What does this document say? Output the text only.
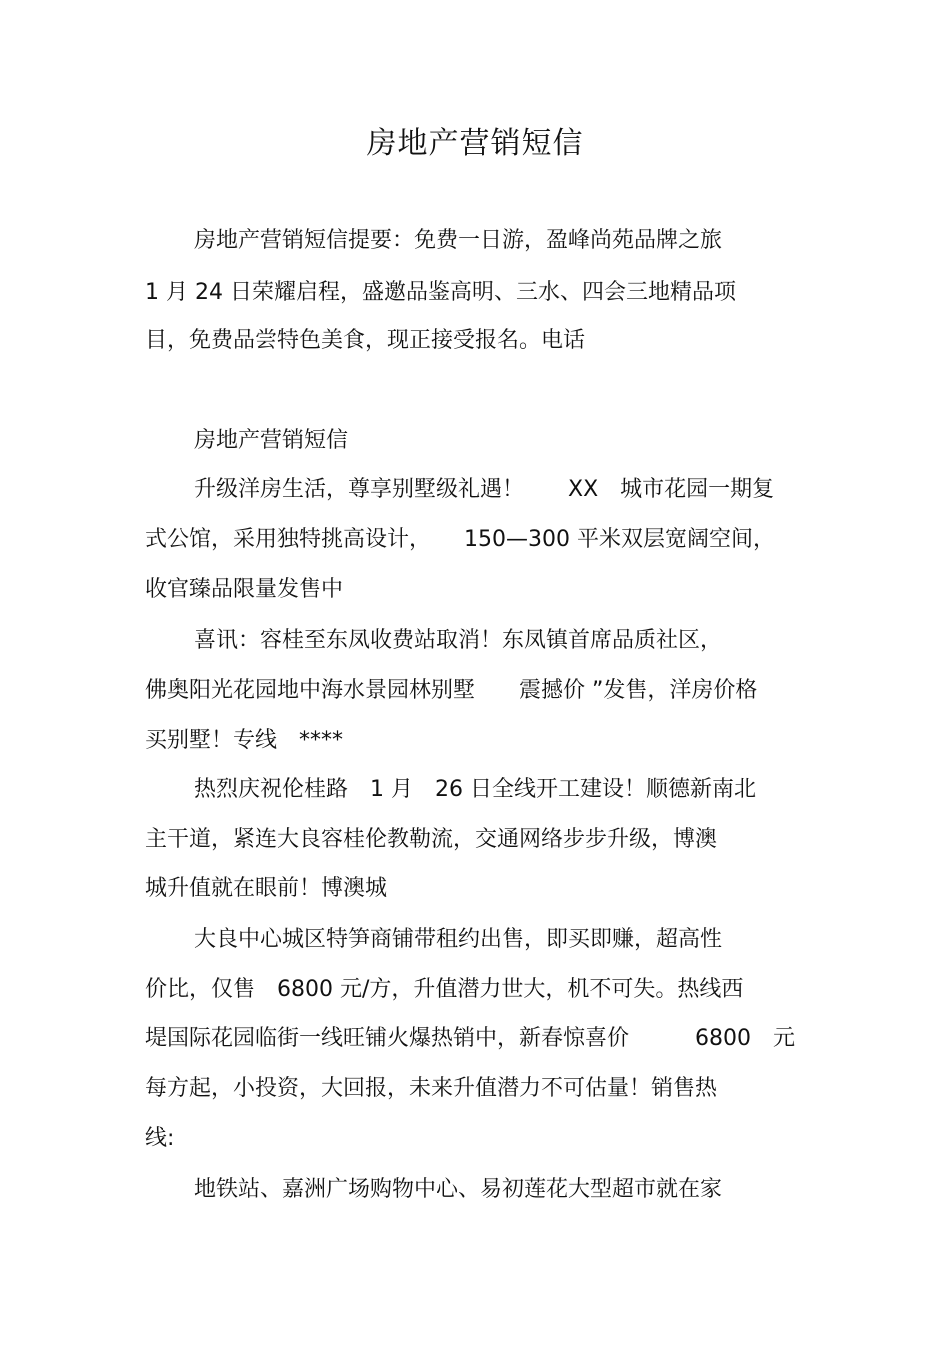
房地产营销短信
房地产营销短信提要：免费一日游，盈峰尚苑品牌之旅
1 月 24 日荣耀启程，盛邀品鉴高明、三水、四会三地精品项
目，免费品尝特色美食，现正接受报名。电话
房地产营销短信
升级洋房生活，尊享别墅级礼遇！　　XX　城市花园一期复
式公馆，采用独特挑高设计，　　150—300 平米双层宽阔空间，
收官臻品限量发售中
喜讯：容桂至东凤收费站取消！东凤镇首席品质社区，
佛奥阳光花园地中海水景园林别墅　　震撼价 ”发售，洋房价格
买别墅！专线　****
热烈庆祝伦桂路　1 月　26 日全线开工建设！顺德新南北
主干道，紧连大良容桂伦教勒流，交通网络步步升级，博澳
城升值就在眼前！博澳城
大良中心城区特笋商铺带租约出售，即买即赚，超高性
价比，仅售　6800 元/方，升值潜力世大，机不可失。热线西
堤国际花园临街一线旺铺火爆热销中，新春惊喜价　　　6800　元
每方起，小投资，大回报，未来升值潜力不可估量！销售热
线:
地铁站、嘉洲广场购物中心、易初莲花大型超市就在家
